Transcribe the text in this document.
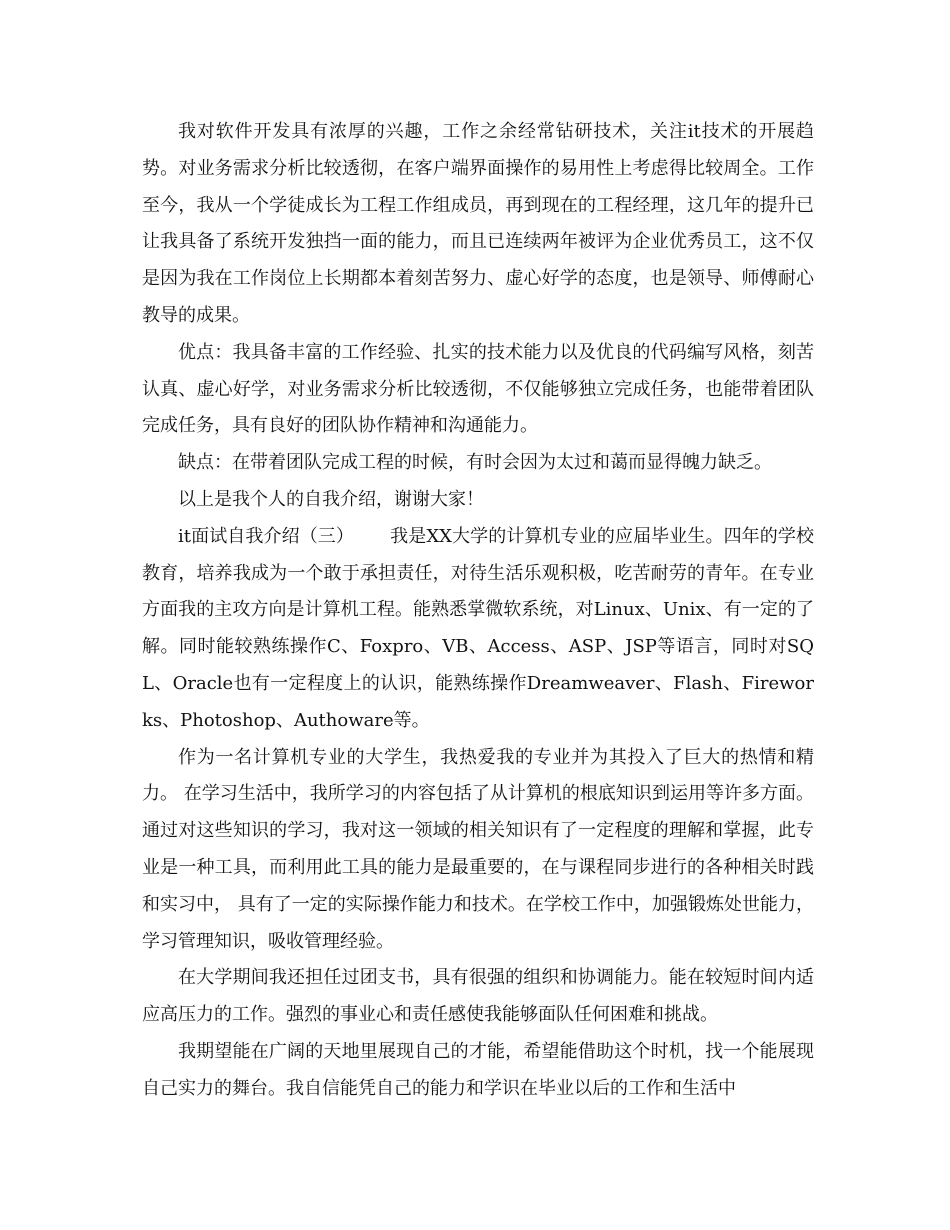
我对软件开发具有浓厚的兴趣，工作之余经常钻研技术，关注it技术的开展趋势。对业务需求分析比较透彻，在客户端界面操作的易用性上考虑得比较周全。工作至今，我从一个学徒成长为工程工作组成员，再到现在的工程经理，这几年的提升已让我具备了系统开发独挡一面的能力，而且已连续两年被评为企业优秀员工，这不仅是因为我在工作岗位上长期都本着刻苦努力、虚心好学的态度，也是领导、师傅耐心教导的成果。

优点：我具备丰富的工作经验、扎实的技术能力以及优良的代码编写风格，刻苦认真、虚心好学，对业务需求分析比较透彻，不仅能够独立完成任务，也能带着团队完成任务，具有良好的团队协作精神和沟通能力。

缺点：在带着团队完成工程的时候，有时会因为太过和蔼而显得魄力缺乏。

以上是我个人的自我介绍，谢谢大家！

it面试自我介绍（三） 我是XX大学的计算机专业的应届毕业生。四年的学校教育，培养我成为一个敢于承担责任，对待生活乐观积极，吃苦耐劳的青年。在专业方面我的主攻方向是计算机工程。能熟悉掌微软系统，对Linux、Unix、有一定的了解。同时能较熟练操作C、Foxpro、VB、Access、ASP、JSP等语言，同时对SQL、Oracle也有一定程度上的认识，能熟练操作Dreamweaver、Flash、Fireworks、Photoshop、Authoware等。

作为一名计算机专业的大学生，我热爱我的专业并为其投入了巨大的热情和精力。 在学习生活中，我所学习的内容包括了从计算机的根底知识到运用等许多方面。通过对这些知识的学习，我对这一领域的相关知识有了一定程度的理解和掌握，此专业是一种工具，而利用此工具的能力是最重要的，在与课程同步进行的各种相关时践和实习中， 具有了一定的实际操作能力和技术。在学校工作中，加强锻炼处世能力，学习管理知识，吸收管理经验。

在大学期间我还担任过团支书，具有很强的组织和协调能力。能在较短时间内适应高压力的工作。强烈的事业心和责任感使我能够面队任何困难和挑战。

我期望能在广阔的天地里展现自己的才能，希望能借助这个时机，找一个能展现自己实力的舞台。我自信能凭自己的能力和学识在毕业以后的工作和生活中
